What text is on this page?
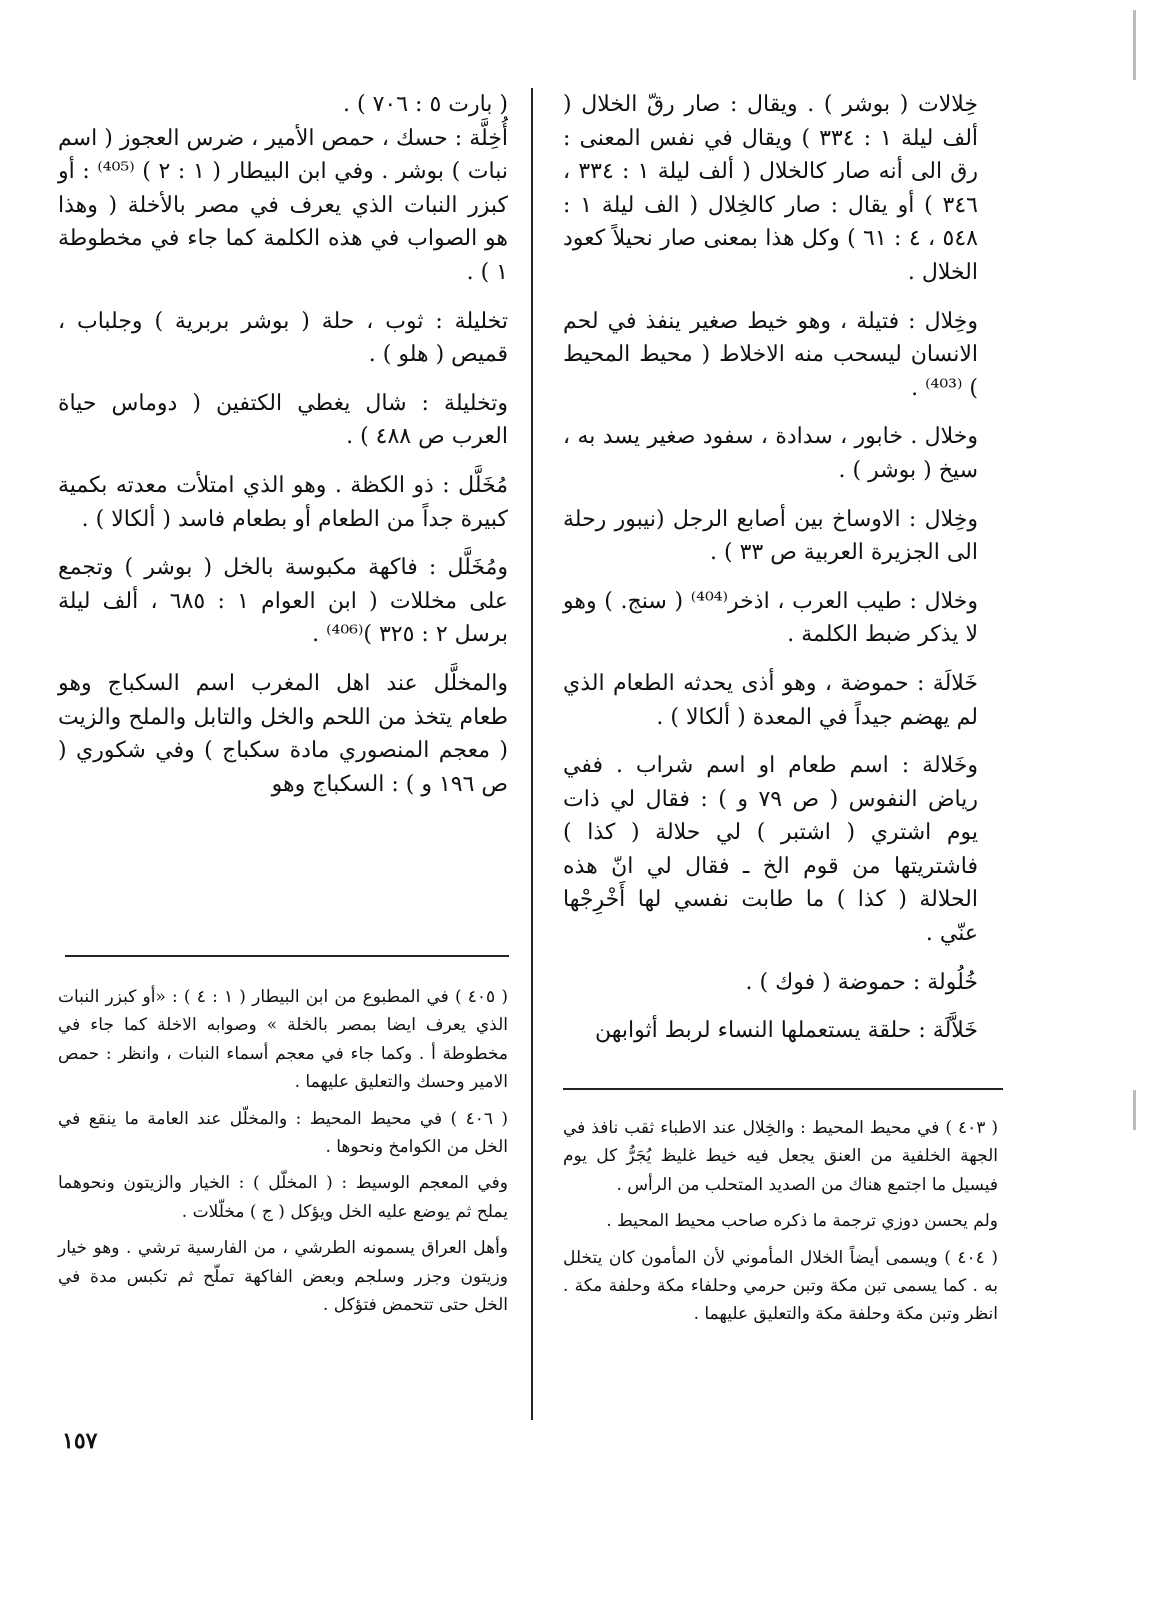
خِلالات ( بوشر ) . ويقال : صار رقّ الخلال ( ألف ليلة ١ : ٣٣٤ ) ويقال في نفس المعنى : رق الى أنه صار كالخلال ( ألف ليلة ١ : ٣٣٤ ، ٣٤٦ ) أو يقال : صار كالخِلال ( الف ليلة ١ : ٥٤٨ ، ٤ : ٦١ ) وكل هذا بمعنى صار نحيلاً كعود الخلال .

وخِلال : فتيلة ، وهو خيط صغير ينفذ في لحم الانسان ليسحب منه الاخلاط ( محيط المحيط ) ⁽⁴⁰³⁾ .

وخلال . خابور ، سدادة ، سفود صغير يسد به ، سيخ ( بوشر ) .

وخِلال : الاوساخ بين أصابع الرجل (نيبور رحلة الى الجزيرة العربية ص ٣٣ ) .

وخلال : طيب العرب ، اذخر⁽⁴⁰⁴⁾ ( سنج. ) وهو لا يذكر ضبط الكلمة .

خَلالَة : حموضة ، وهو أذى يحدثه الطعام الذي لم يهضم جيداً في المعدة ( ألكالا ) .

وخَلالة : اسم طعام او اسم شراب . ففي رياض النفوس ( ص ٧٩ و ) : فقال لي ذات يوم اشتري ( اشتبر ) لي حلالة ( كذا ) فاشتريتها من قوم الخ ـ فقال لي انّ هذه الحلالة ( كذا ) ما طابت نفسي لها أَخْرِجْها عنّي .

خُلُولة : حموضة ( فوك ) .

خَلاَّلَة : حلقة يستعملها النساء لربط أثوابهن

( ٤٠٣ ) في محيط المحيط : والخِلال عند الاطباء ثقب نافذ في الجهة الخلفية من العنق يجعل فيه خيط غليظ يُجَرُّ كل يوم فيسيل ما اجتمع هناك من الصديد المتحلب من الرأس .

ولم يحسن دوزي ترجمة ما ذكره صاحب محيط المحيط .

( ٤٠٤ ) ويسمى أيضاً الخلال المأموني لأن المأمون كان يتخلل به . كما يسمى تبن مكة وتبن حرمي وحلفاء مكة وحلفة مكة . انظر وتبن مكة وحلفة مكة والتعليق عليهما .

( بارت ٥ : ٧٠٦ ) .

أُخِلَّة : حسك ، حمص الأمير ، ضرس العجوز ( اسم نبات ) بوشر . وفي ابن البيطار ( ١ : ٢ ) ⁽⁴⁰⁵⁾ : أو كبزر النبات الذي يعرف في مصر بالأخلة ( وهذا هو الصواب في هذه الكلمة كما جاء في مخطوطة ١ ) .

تخليلة : ثوب ، حلة ( بوشر بربرية ) وجلباب ، قميص ( هلو ) .

وتخليلة : شال يغطي الكتفين ( دوماس حياة العرب ص ٤٨٨ ) .

مُخَلَّل : ذو الكظة . وهو الذي امتلأت معدته بكمية كبيرة جداً من الطعام أو بطعام فاسد ( ألكالا ) .

ومُخَلَّل : فاكهة مكبوسة بالخل ( بوشر ) وتجمع على مخللات ( ابن العوام ١ : ٦٨٥ ، ألف ليلة برسل ٢ : ٣٢٥ )⁽⁴⁰⁶⁾ .

والمخلَّل عند اهل المغرب اسم السكباج وهو طعام يتخذ من اللحم والخل والتابل والملح والزيت ( معجم المنصوري مادة سكباج ) وفي شكوري ( ص ١٩٦ و ) : السكباج وهو

( ٤٠٥ ) في المطبوع من ابن البيطار ( ١ : ٤ ) : «أو كبزر النبات الذي يعرف ايضا بمصر بالخلة » وصوابه الاخلة كما جاء في مخطوطة أ . وكما جاء في معجم أسماء النبات ، وانظر : حمص الامير وحسك والتعليق عليهما .

( ٤٠٦ ) في محيط المحيط : والمخلّل عند العامة ما ينقع في الخل من الكوامخ ونحوها .

وفي المعجم الوسيط : ( المخلّل ) : الخيار والزيتون ونحوهما يملح ثم يوضع عليه الخل ويؤكل ( ج ) مخلّلات .

وأهل العراق يسمونه الطرشي ، من الفارسية ترشي . وهو خيار وزيتون وجزر وسلجم وبعض الفاكهة تملّح ثم تكبس مدة في الخل حتى تتحمض فتؤكل .

١٥٧
